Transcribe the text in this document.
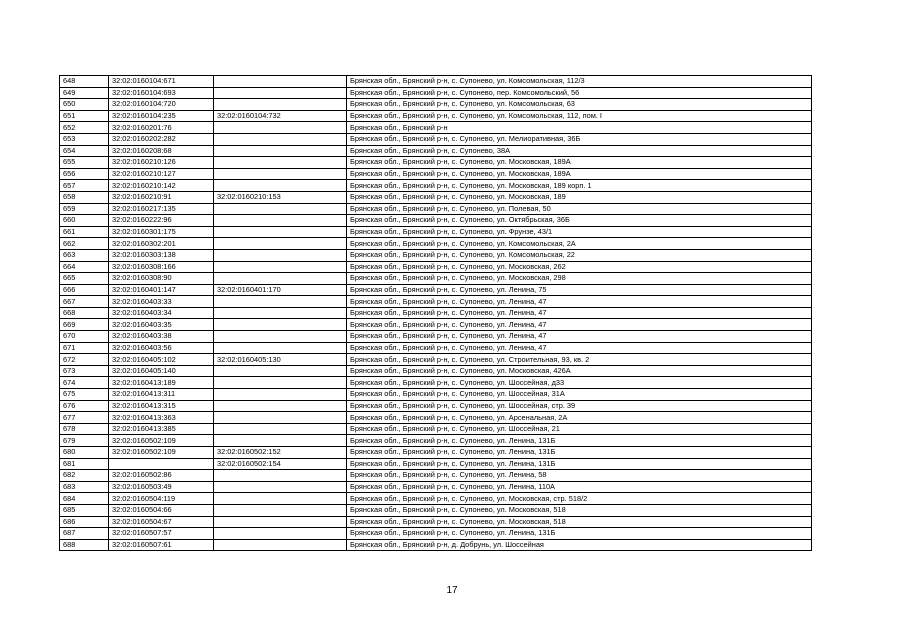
648	32:02:0160104:671		Брянская обл., Брянский р-н, с. Супонево, ул. Комсомольская, 112/3
649	32:02:0160104:693		Брянская обл., Брянский р-н, с. Супонево, пер. Комсомольский, 56
650	32:02:0160104:720		Брянская обл., Брянский р-н, с. Супонево, ул. Комсомольская, 63
651	32:02:0160104:235	32:02:0160104:732	Брянская обл., Брянский р-н, с. Супонево, ул. Комсомольская, 112, пом. I
652	32:02:0160201:76		Брянская обл., Брянский р-н
653	32:02:0160202:282		Брянская обл., Брянский р-н, с. Супонево, ул. Мелиоративная, 36Б
654	32:02:0160208:68		Брянская обл., Брянский р-н, с. Супонево, 38А
655	32:02:0160210:126		Брянская обл., Брянский р-н, с. Супонево, ул. Московская, 189А
656	32:02:0160210:127		Брянская обл., Брянский р-н, с. Супонево, ул. Московская, 189А
657	32:02:0160210:142		Брянская обл., Брянский р-н, с. Супонево, ул. Московская, 189 корп. 1
658	32:02:0160210:91	32:02:0160210:153	Брянская обл., Брянский р-н, с. Супонево, ул. Московская, 189
659	32:02:0160217:135		Брянская обл., Брянский р-н, с. Супонево, ул. Полевая, 50
660	32:02:0160222:96		Брянская обл., Брянский р-н, с. Супонево, ул. Октябрьская, 36Б
661	32:02:0160301:175		Брянская обл., Брянский р-н, с. Супонево, ул. Фрунзе, 43/1
662	32:02:0160302:201		Брянская обл., Брянский р-н, с. Супонево, ул. Комсомольская, 2А
663	32:02:0160303:138		Брянская обл., Брянский р-н, с. Супонево, ул. Комсомольская, 22
664	32:02:0160308:166		Брянская обл., Брянский р-н, с. Супонево, ул. Московская, 262
665	32:02:0160308:90		Брянская обл., Брянский р-н, с. Супонево, ул. Московская, 298
666	32:02:0160401:147	32:02:0160401:170	Брянская обл., Брянский р-н, с. Супонево, ул. Ленина, 75
667	32:02:0160403:33		Брянская обл., Брянский р-н, с. Супонево, ул. Ленина, 47
668	32:02:0160403:34		Брянская обл., Брянский р-н, с. Супонево, ул. Ленина, 47
669	32:02:0160403:35		Брянская обл., Брянский р-н, с. Супонево, ул. Ленина, 47
670	32:02:0160403:38		Брянская обл., Брянский р-н, с. Супонево, ул. Ленина, 47
671	32:02:0160403:56		Брянская обл., Брянский р-н, с. Супонево, ул. Ленина, 47
672	32:02:0160405:102	32:02:0160405:130	Брянская обл., Брянский р-н, с. Супонево, ул. Строительная, 93, кв. 2
673	32:02:0160405:140		Брянская обл., Брянский р-н, с. Супонево, ул. Московская, 426А
674	32:02:0160413:189		Брянская обл., Брянский р-н, с. Супонево, ул. Шоссейная, д33
675	32:02:0160413:311		Брянская обл., Брянский р-н, с. Супонево, ул. Шоссейная, 31А
676	32:02:0160413:315		Брянская обл., Брянский р-н, с. Супонево, ул. Шоссейная, стр. 39
677	32:02:0160413:363		Брянская обл., Брянский р-н, с. Супонево, ул. Арсенальная, 2А
678	32:02:0160413:385		Брянская обл., Брянский р-н, с. Супонево, ул. Шоссейная, 21
679	32:02:0160502:109		Брянская обл., Брянский р-н, с. Супонево, ул. Ленина, 131Б
680	32:02:0160502:109	32:02:0160502:152	Брянская обл., Брянский р-н, с. Супонево, ул. Ленина, 131Б
681		32:02:0160502:154	Брянская обл., Брянский р-н, с. Супонево, ул. Ленина, 131Б
682	32:02:0160502:86		Брянская обл., Брянский р-н, с. Супонево, ул. Ленина, 58
683	32:02:0160503:49		Брянская обл., Брянский р-н, с. Супонево, ул. Ленина, 110А
684	32:02:0160504:119		Брянская обл., Брянский р-н, с. Супонево, ул. Московская, стр. 518/2
685	32:02:0160504:66		Брянская обл., Брянский р-н, с. Супонево, ул. Московская, 518
686	32:02:0160504:67		Брянская обл., Брянский р-н, с. Супонево, ул. Московская, 518
687	32:02:0160507:57		Брянская обл., Брянский р-н, с. Супонево, ул. Ленина, 131Б
688	32:02:0160507:61		Брянская обл., Брянский р-н, д. Добрунь, ул. Шоссейная
17
